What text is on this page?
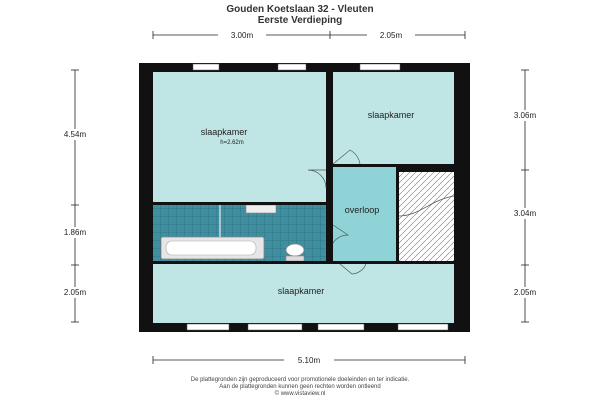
Gouden Koetslaan 32 - Vleuten
Eerste Verdieping
3.00m	2.05m
4.54m
1.86m
2.05m
3.06m
3.04m
2.05m
5.10m
slaapkamer
h=2.62m
slaapkamer
slaapkamer
overloop
De plattegronden zijn geproduceerd voor promotionele doeleinden en ter indicatie.
Aan de plattegronden kunnen geen rechten worden ontleend
© www.vistaview.nl
